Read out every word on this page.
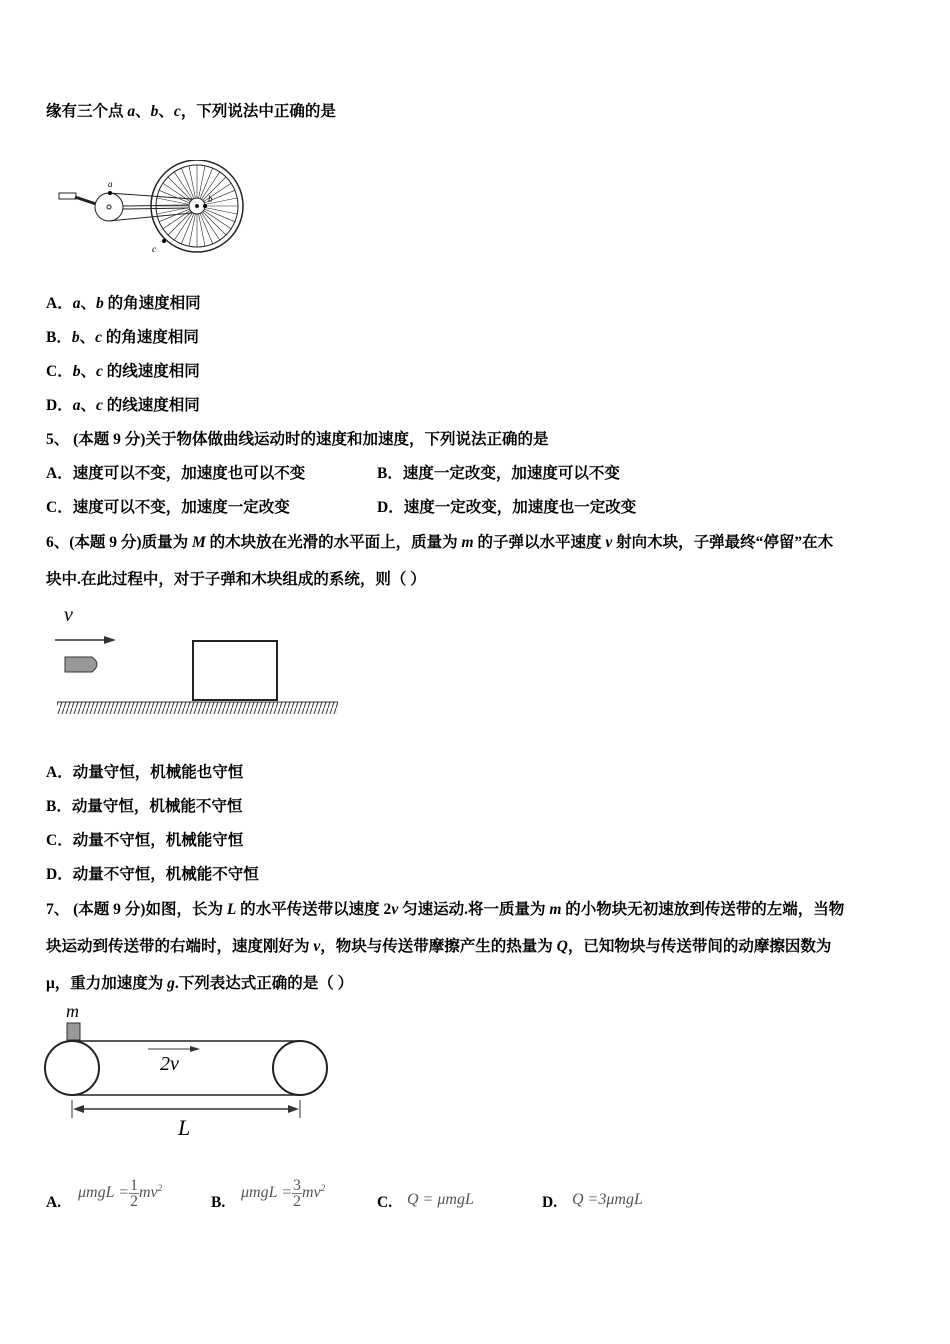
缘有三个点 a、b、c，下列说法中正确的是
A．a、b 的角速度相同
B．b、c 的角速度相同
C．b、c 的线速度相同
D．a、c 的线速度相同
5、 (本题 9 分)关于物体做曲线运动时的速度和加速度，下列说法正确的是
A．速度可以不变，加速度也可以不变	B．速度一定改变，加速度可以不变
C．速度可以不变，加速度一定改变	D．速度一定改变，加速度也一定改变
6、(本题 9 分)质量为 M 的木块放在光滑的水平面上，质量为 m 的子弹以水平速度 v 射向木块，子弹最终“停留”在木
块中.在此过程中，对于子弹和木块组成的系统，则（ ）
A．动量守恒，机械能也守恒
B．动量守恒，机械能不守恒
C．动量不守恒，机械能守恒
D．动量不守恒，机械能不守恒
7、 (本题 9 分)如图，长为 L 的水平传送带以速度 2v 匀速运动.将一质量为 m 的小物块无初速放到传送带的左端，当物
块运动到传送带的右端时，速度刚好为 v，物块与传送带摩擦产生的热量为 Q，已知物块与传送带间的动摩擦因数为
μ，重力加速度为 g.下列表达式正确的是（ ）
a
b
c
v
m
2v
L
A.
$\mu mgL = \frac{1}{2} mv^2$
B.
$\mu mgL = \frac{3}{2} mv^2$
C. Q = μmgL	D. Q =3μmgL
